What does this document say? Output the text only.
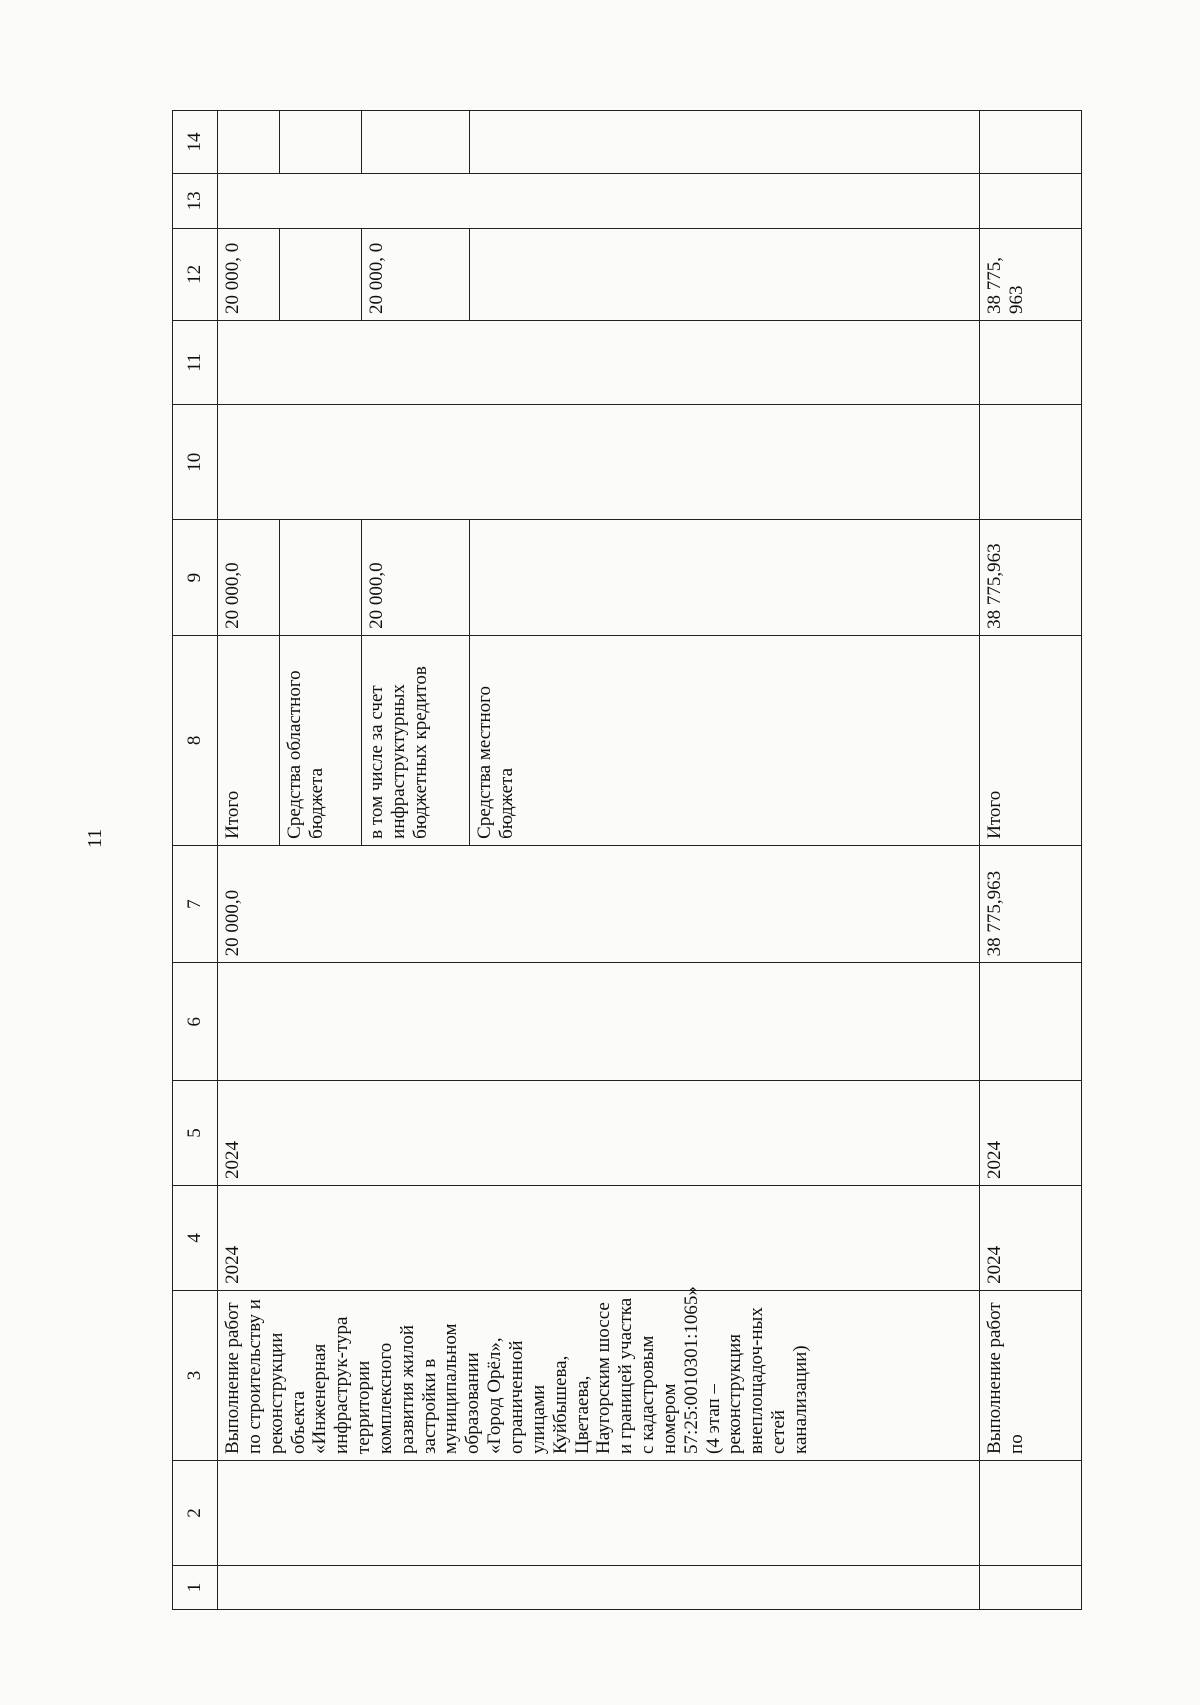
11
1	2	3	4	5	6	7	8	9	10	11	12	13	14
		Выполнение работ по строительству и реконструкции объекта «Инженерная инфраструк-тура территории комплексного развития жилой застройки в муниципальном образовании «Город Орёл», ограниченной улицами Куйбышева, Цветаева, Наугорским шоссе и границей участка с кадастровым номером 57:25:0010301:1065» (4 этап – реконструкция внеплощадоч-ных сетей канализации)	2024	2024		20 000,0	Итого	20 000,0			20 000, 0		
							Средства областного бюджета						
							в том числе за счет инфраструктурных бюджетных кредитов	20 000,0			20 000, 0		
							Средства местного бюджета						
		Выполнение работ по	2024	2024		38 775,963	Итого	38 775,963			38 775, 963		
